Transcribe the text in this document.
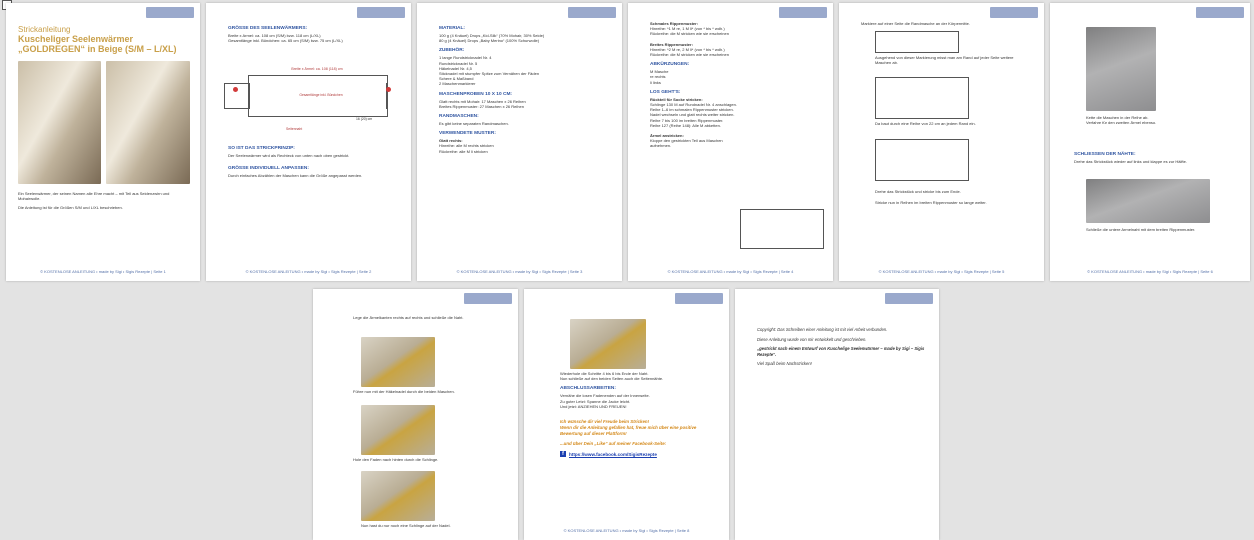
Strickanleitung

Kuscheliger Seelenwärmer

„GOLDREGEN“ in Beige (S/M – L/XL)

Ein Seelenwärmer, der seinen Namen alle Ehre macht – mit Teil aus Seidenzwirn und Mohairwolle.

Die Anleitung ist für die Größen S/M und L/XL beschrieben.

© KOSTENLOSE ANLEITUNG • made by Sigi • Sigis Rezepte | Seite 1
GRÖSSE DES SEELENWÄRMERS:

Breite x Armel: ca. 108 cm (S/M) bzw. 118 cm (L/XL)

Gesamtlänge inkl. Bündchen: ca. 65 cm (S/M) bzw. 75 cm (L/XL)

Breite x Ärmel: ca. 108 (118) cm
Gesamtlänge inkl. Bündchen
16 (20) cm
Seitennaht
SO IST DAS STRICKPRINZIP:

Der Seelenwärmer wird als Rechteck von unten nach oben gestrickt.

GRÖSSE INDIVIDUELL ANPASSEN:

Durch einfaches Abzählen der Maschen kann die Größe angepasst werden.

© KOSTENLOSE ANLEITUNG • made by Sigi • Sigis Rezepte | Seite 2
MATERIAL:

100 g (4 Knäuel) Drops „Kid-Silk“ (70% Mohair, 30% Seide)

80 g (4 Knäuel) Drops „Baby Merino“ (100% Schurwolle)

ZUBEHÖR:

1 lange Rundstricknadel Nr. 4

Rundstricknadel Nr. 5

Häkelnadel Nr. 4,5

Sticknadel mit stumpfer Spitze zum Vernähen der Fäden

Schere & Maßband

2 Maschenmarkierer

MASCHENPROBEN 10 X 10 CM:

Glatt rechts mit Mohair: 17 Maschen x 26 Reihen

Breites Rippenmuster: 27 Maschen x 26 Reihen

RANDMASCHEN:

Es gibt keine separaten Randmaschen.

VERWENDETE MUSTER:

Glatt rechts:

Hinreihe: alle M rechts stricken

Rückreihe: alle M li stricken

© KOSTENLOSE ANLEITUNG • made by Sigi • Sigis Rezepte | Seite 3

Schmales Rippenmuster:

Hinreihe: *1 M re, 1 M li* (von * bis * wdh.)

Rückreihe: die M stricken wie sie erscheinen

Breites Rippenmuster:

Hinreihe: *2 M re, 2 M li* (von * bis * wdh.)

Rückreihe: die M stricken wie sie erscheinen

ABKÜRZUNGEN:

M Masche

re rechts

li links

LOS GEHT'S:

Rückteil für Socke stricken:

Schlinge 130 M auf Rundnadel Nr. 4 anschlagen.

Reihe 1–6 im schmalen Rippenmuster stricken.

Nadel wechseln und glatt rechts weiter stricken.

Reihe 7 bis 100 im breiten Rippenmuster.

Reihe 127 (Reihe 148): Alle M abketten.

Ärmel anstricken:

Kloppe den gestrickten Teil aus Maschen aufnehmen.

© KOSTENLOSE ANLEITUNG • made by Sigi • Sigis Rezepte | Seite 4

Markiere auf einer Seite die Randmasche an der Körpermitte.

Ausgehend von dieser Markierung misst man am Rand auf jeder Seite weitere Maschen ab.

Da baut durch eine Reihe von 22 cm an jedem Rand ein.

Drehe das Strickstück und stricke bis zum Ende.

Stricke nun in Reihen im breiten Rippenmuster so lange weiter.

© KOSTENLOSE ANLEITUNG • made by Sigi • Sigis Rezepte | Seite 5

Kette die Maschen in der Reihe ab.

Verfahre für den zweiten Ärmel ebenso.

SCHLIESSEN DER NÄHTE:

Drehe das Strickstück wieder auf links und klappe es zur Hälfte.

Schließe die untere Armelnaht mit dem breiten Rippenmuster.

© KOSTENLOSE ANLEITUNG • made by Sigi • Sigis Rezepte | Seite 6

Lege die Ärmelkanten rechts auf rechts und schließe die Naht.

Führe nun mit der Häkelnadel durch die beiden Maschen.

Hole den Faden nach hinten durch die Schlinge.

Nun hast du nur noch eine Schlinge auf der Nadel.

Wiederhole die Schritte 4 bis 6 bis Ende der Naht.

Nun schließe auf den beiden Seiten auch die Seitennähte.

ABSCHLUSSARBEITEN:

Vernähe die losen Fadenenden auf der Innenseite.

Zu guter Letzt: Spanne die Jacke leicht.

Und jetzt: ANZIEHEN UND FREUEN!

Ich wünsche dir viel Freude beim Stricken!

Wenn dir die Anleitung gefallen hat, freue mich über eine positive Bewertung auf dieser Plattform!

...und über Dein „Like“ auf meiner Facebook-Seite:

f	https://www.facebook.com/SigisRezepte
© KOSTENLOSE ANLEITUNG • made by Sigi • Sigis Rezepte | Seite 8

Copyright: Das Schreiben einer Anleitung ist mit viel Arbeit verbunden.

Diese Anleitung wurde von mir entwickelt und geschrieben.

„gestrickt nach einem Entwurf von Kuschelige Seelenwärmer – made by Sigi – Sigis Rezepte“.

Viel Spaß beim Nachstricken!
